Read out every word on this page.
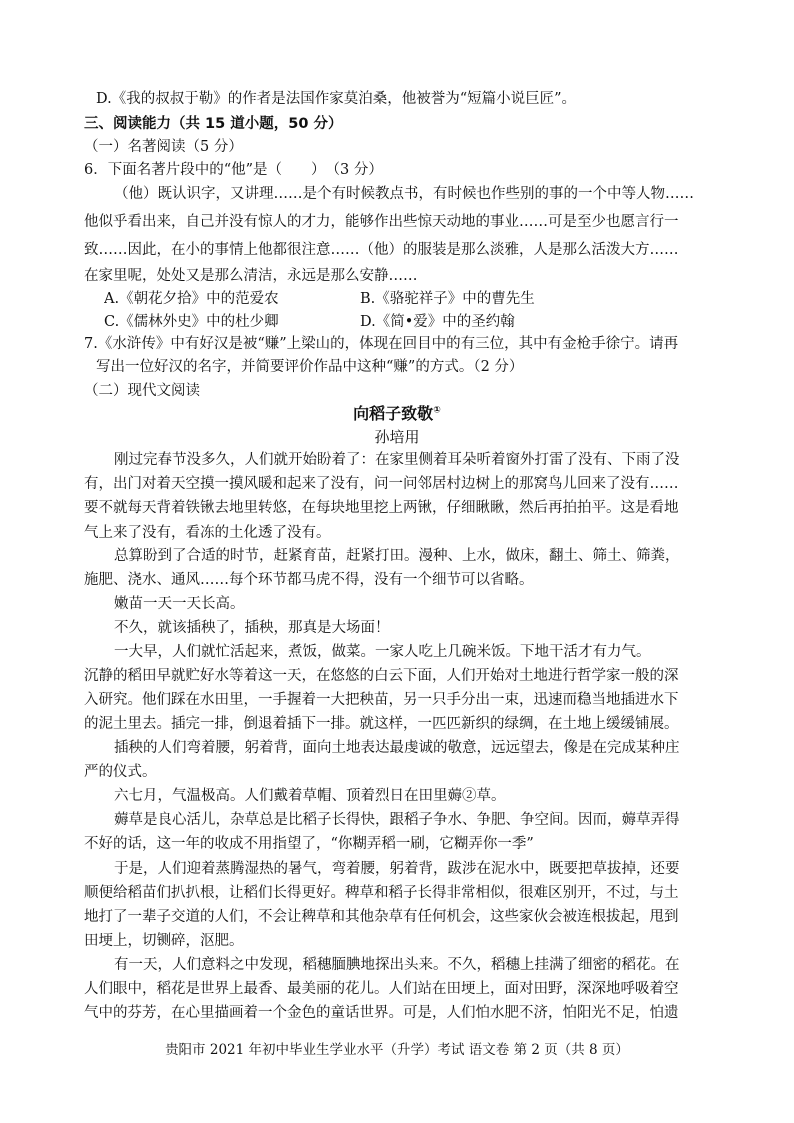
D.《我的叔叔于勒》的作者是法国作家莫泊桑，他被誉为“短篇小说巨匠”。
三、阅读能力（共 15 道小题，50 分）
（一）名著阅读（5 分）
6．下面名著片段中的“他”是（　　）　（3 分）
（他）既认识字，又讲理……是个有时候教点书，有时候也作些别的事的一个中等人物……
他似乎看出来，自己并没有惊人的才力，能够作出些惊天动地的事业……可是至少也愿言行一
致……因此，在小的事情上他都很注意……（他）的服装是那么淡雅，人是那么活泼大方……
在家里呢，处处又是那么清洁，永远是那么安静……
A.《朝花夕拾》中的范爱农	B.《骆驼祥子》中的曹先生
C.《儒林外史》中的杜少卿	D.《简•爱》中的圣约翰
7.《水浒传》中有好汉是被“赚”上梁山的，体现在回目中的有三位，其中有金枪手徐宁。请再
写出一位好汉的名字，并简要评价作品中这种“赚”的方式。（2 分）
（二）现代文阅读
向稻子致敬①
孙培用
刚过完春节没多久，人们就开始盼着了：在家里侧着耳朵听着窗外打雷了没有、下雨了没
有，出门对着天空摸一摸风暖和起来了没有，问一问邻居村边树上的那窝鸟儿回来了没有……
要不就每天背着铁锹去地里转悠，在每块地里挖上两锹，仔细瞅瞅，然后再拍拍平。这是看地
气上来了没有，看冻的土化透了没有。
总算盼到了合适的时节，赶紧育苗，赶紧打田。漫种、上水，做床，翻土、筛土、筛粪，
施肥、浇水、通风……每个环节都马虎不得，没有一个细节可以省略。
嫩苗一天一天长高。
不久，就该插秧了，插秧，那真是大场面！
一大早，人们就忙活起来，煮饭，做菜。一家人吃上几碗米饭。下地干活才有力气。
沉静的稻田早就贮好水等着这一天，在悠悠的白云下面，人们开始对土地进行哲学家一般的深
入研究。他们踩在水田里，一手握着一大把秧苗，另一只手分出一束，迅速而稳当地插进水下
的泥土里去。插完一排，倒退着插下一排。就这样，一匹匹新织的绿绸，在土地上缓缓铺展。
插秧的人们弯着腰，躬着背，面向土地表达最虔诚的敬意，远远望去，像是在完成某种庄
严的仪式。
六七月，气温极高。人们戴着草帽、顶着烈日在田里薅②草。
薅草是良心活儿，杂草总是比稻子长得快，跟稻子争水、争肥、争空间。因而，薅草弄得
不好的话，这一年的收成不用指望了，“你糊弄稻一刷，它糊弄你一季”
于是，人们迎着蒸腾湿热的暑气，弯着腰，躬着背，跋涉在泥水中，既要把草拔掉，还要
顺便给稻苗们扒扒根，让稻们长得更好。稗草和稻子长得非常相似，很难区别开，不过，与土
地打了一辈子交道的人们，不会让稗草和其他杂草有任何机会，这些家伙会被连根拔起，甩到
田埂上，切铡碎，沤肥。
有一天，人们意料之中发现，稻穗腼腆地探出头来。不久，稻穗上挂满了细密的稻花。在
人们眼中，稻花是世界上最香、最美丽的花儿。人们站在田埂上，面对田野，深深地呼吸着空
气中的芬芳，在心里描画着一个金色的童话世界。可是，人们怕水肥不济，怕阳光不足，怕遗
贵阳市 2021 年初中毕业生学业水平（升学）考试 语文卷 第 2 页（共 8 页）
